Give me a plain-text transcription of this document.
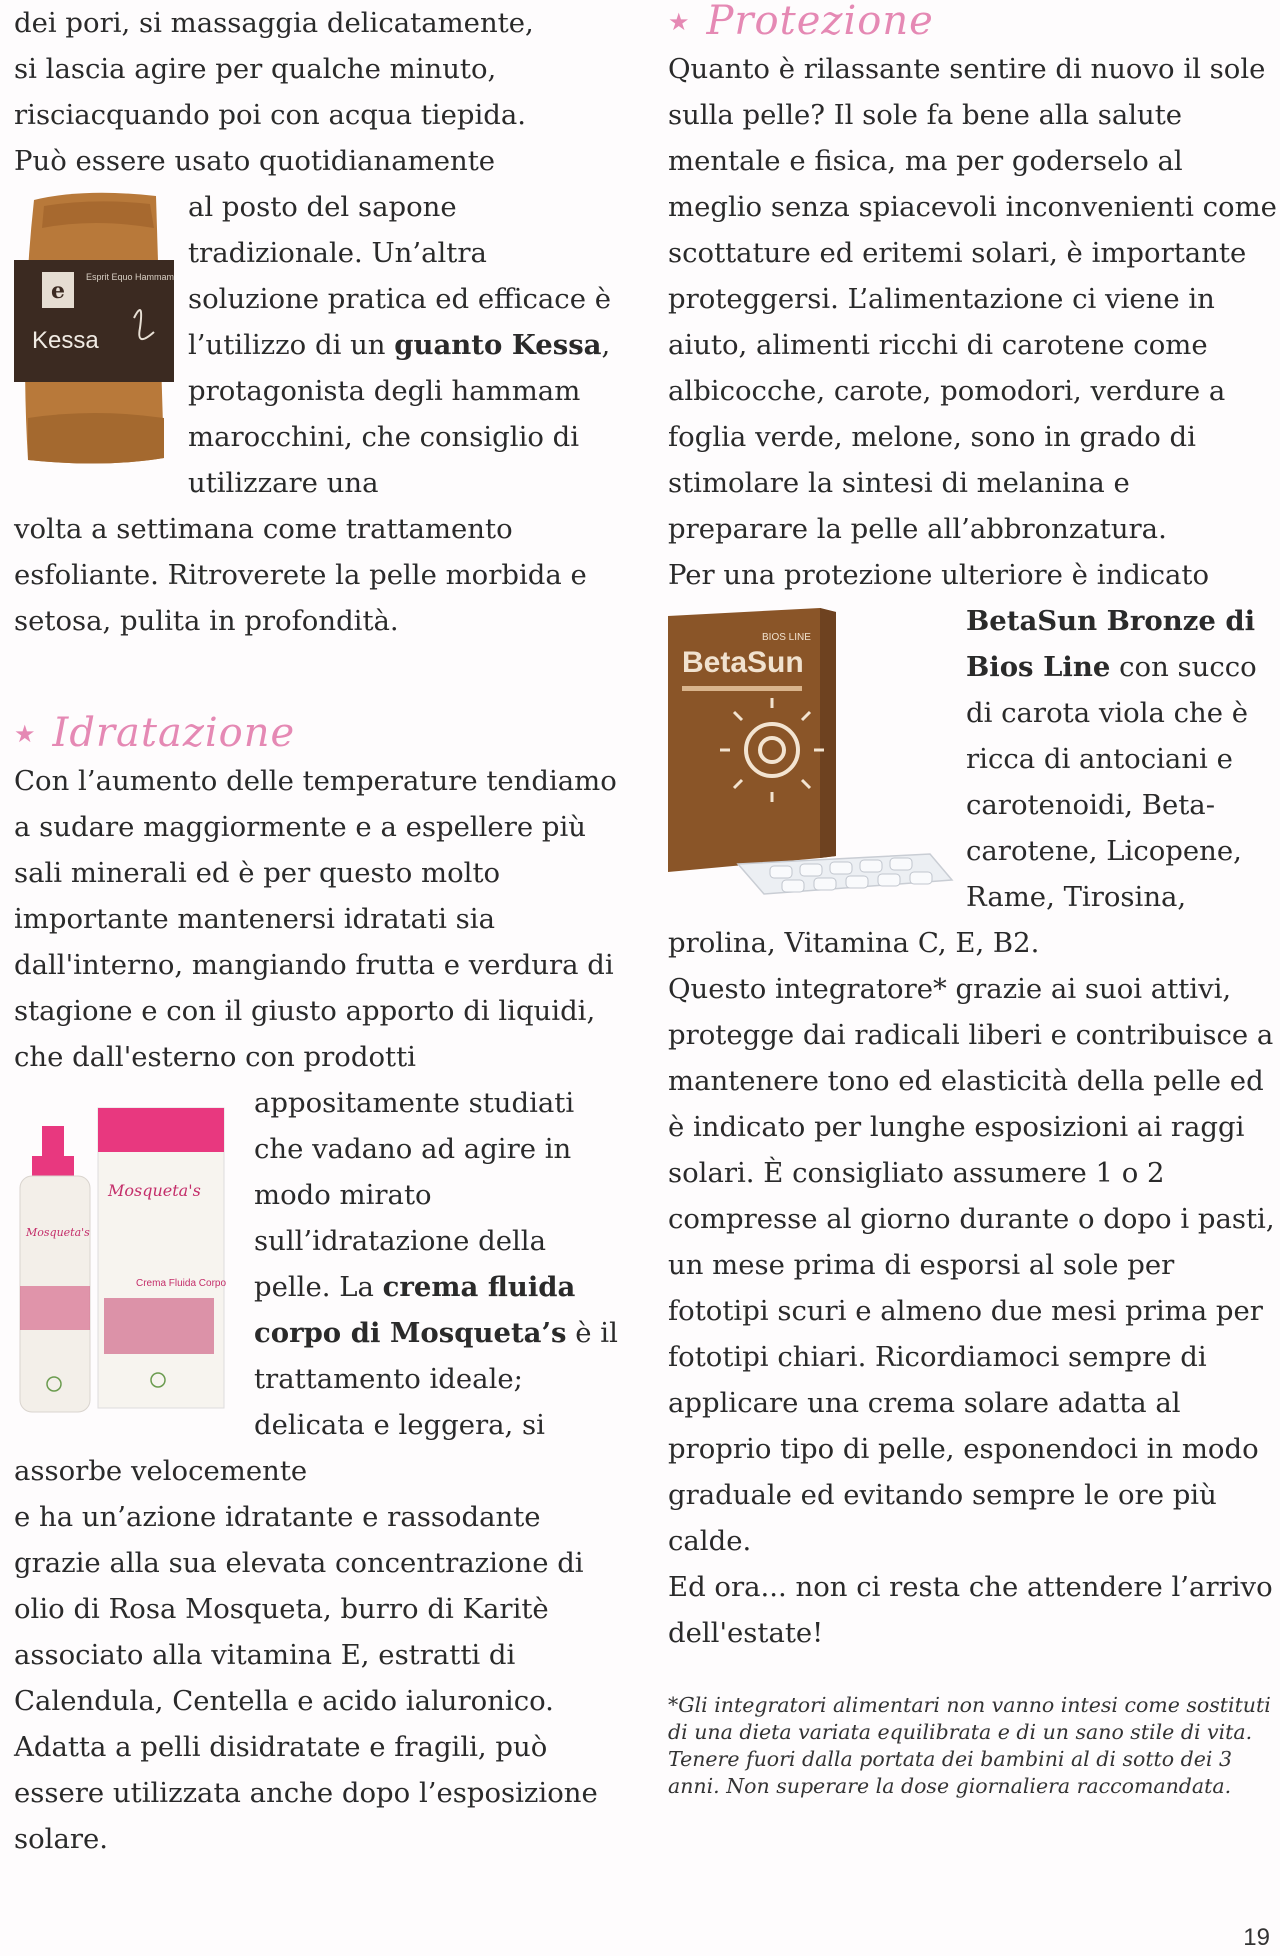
dei pori, si massaggia delicatamente,

si lascia agire per qualche minuto,

risciacquando poi con acqua tiepida.

Può essere usato quotidianamente

e
Kessa
Esprit Equo Hammam

al posto del sapone tradizionale. Un’altra soluzione pratica ed efficace è l’utilizzo di un guanto Kessa, protagonista degli hammam marocchini, che consiglio di utilizzare una

volta a settimana come trattamento esfoliante. Ritroverete la pelle morbida e setosa, pulita in profondità.

★ Idratazione

Con l’aumento delle temperature tendiamo a sudare maggiormente e a espellere più sali minerali ed è per questo molto importante mantenersi idratati sia dall'interno, mangiando frutta e verdura di stagione e con il giusto apporto di liquidi, che dall'esterno con prodotti

Mosqueta's
Crema Fluida Corpo
Mosqueta's

appositamente studiati che vadano ad agire in modo mirato sull’idratazione della pelle. La crema fluida corpo di Mosqueta’s è il trattamento ideale; delicata e leggera, si assorbe velocemente

e ha un’azione idratante e rassodante grazie alla sua elevata concentrazione di olio di Rosa Mosqueta, burro di Karitè associato alla vitamina E, estratti di Calendula, Centella e acido ialuronico. Adatta a pelli disidratate e fragili, può essere utilizzata anche dopo l’esposizione solare.

★ Protezione

Quanto è rilassante sentire di nuovo il sole sulla pelle? Il sole fa bene alla salute mentale e fisica, ma per goderselo al meglio senza spiacevoli inconvenienti come scottature ed eritemi solari, è importante proteggersi. L’alimentazione ci viene in aiuto, alimenti ricchi di carotene come albicocche, carote, pomodori, verdure a foglia verde, melone, sono in grado di stimolare la sintesi di melanina e preparare la pelle all’abbronzatura.

Per una protezione ulteriore è indicato

BetaSun
BIOS LINE

BetaSun Bronze di Bios Line con succo di carota viola che è ricca di antociani e carotenoidi, Beta-carotene, Licopene, Rame, Tirosina, prolina, Vitamina C, E, B2.

Questo integratore* grazie ai suoi attivi, protegge dai radicali liberi e contribuisce a mantenere tono ed elasticità della pelle ed è indicato per lunghe esposizioni ai raggi solari. È consigliato assumere 1 o 2 compresse al giorno durante o dopo i pasti, un mese prima di esporsi al sole per fototipi scuri e almeno due mesi prima per fototipi chiari. Ricordiamoci sempre di applicare una crema solare adatta al proprio tipo di pelle, esponendoci in modo graduale ed evitando sempre le ore più calde.

Ed ora... non ci resta che attendere l’arrivo dell'estate!

*Gli integratori alimentari non vanno intesi come sostituti di una dieta variata equilibrata e di un sano stile di vita. Tenere fuori dalla portata dei bambini al di sotto dei 3 anni. Non superare la dose giornaliera raccomandata.

19
